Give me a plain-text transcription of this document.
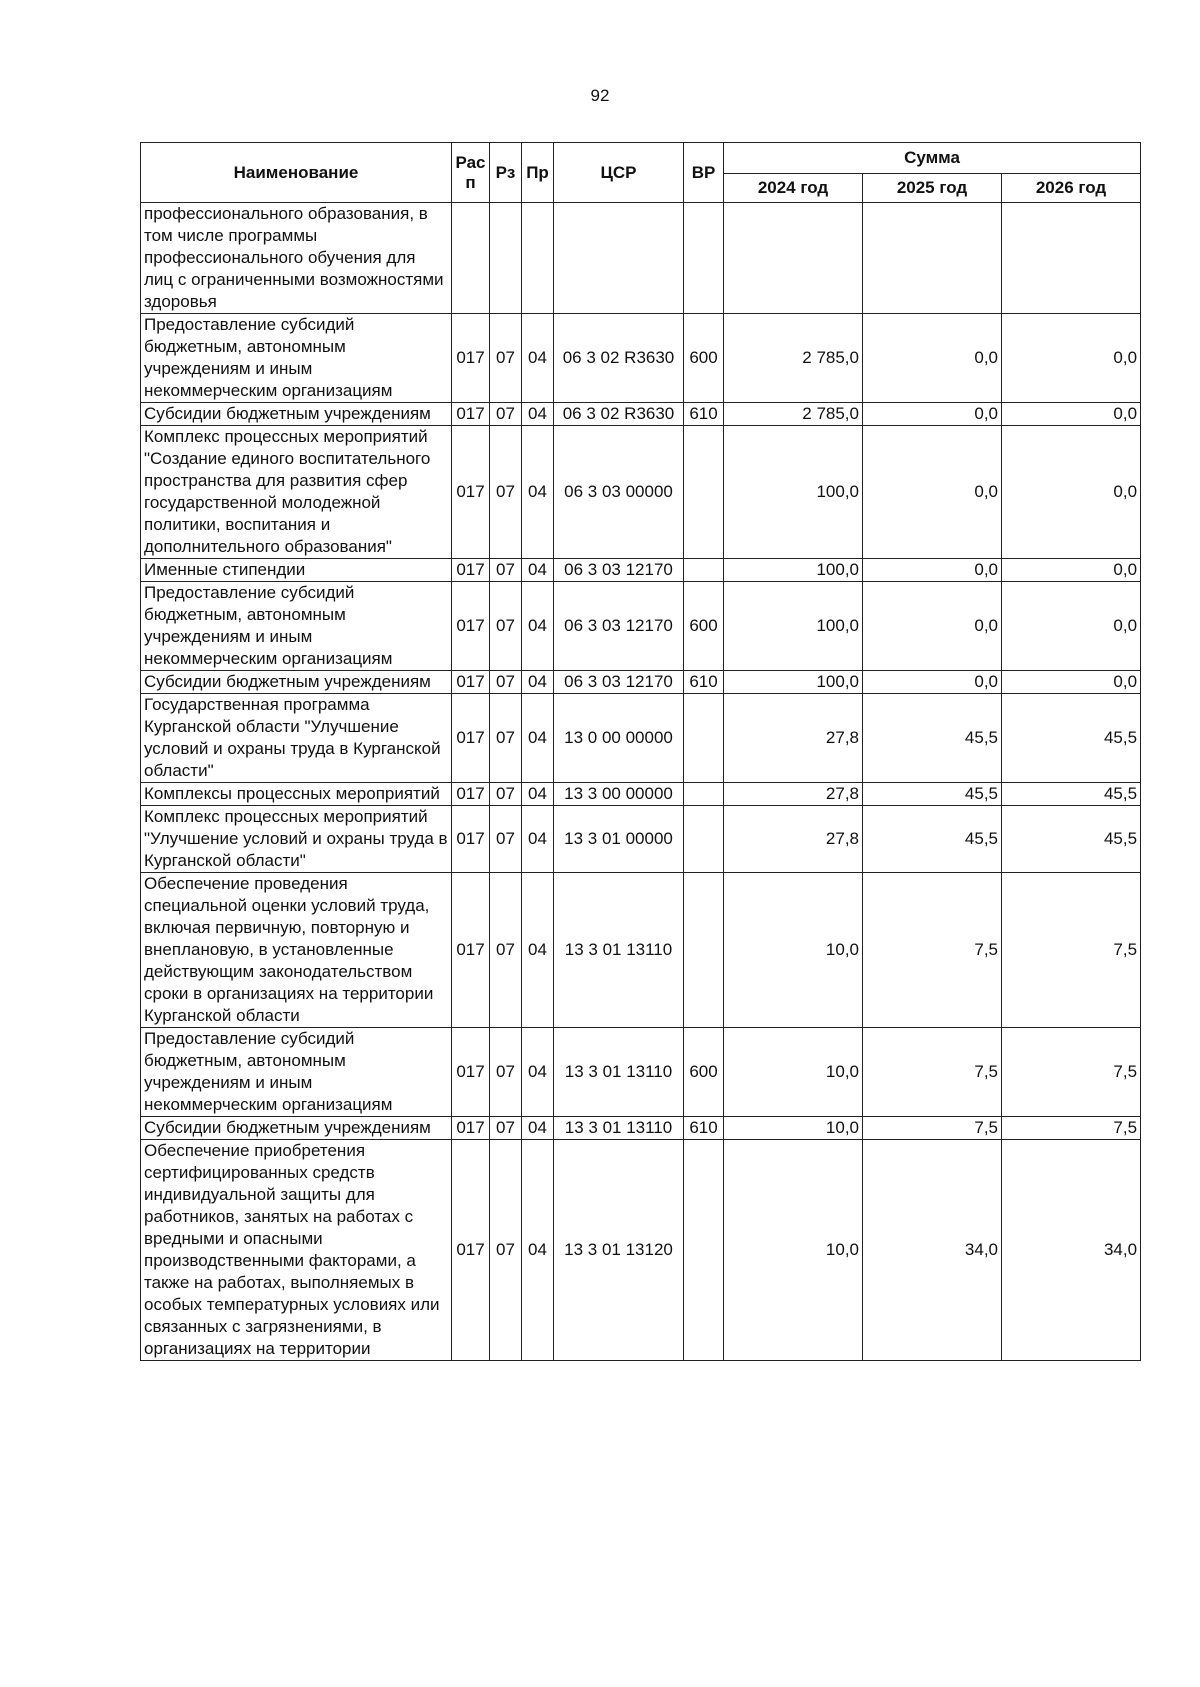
92
Наименование	Рас п	Рз	Пр	ЦСР	ВР	Сумма		
						2024 год	2025 год	2026 год
профессионального образования, в том числе программы профессионального обучения для лиц с ограниченными возможностями здоровья								
Предоставление субсидий бюджетным, автономным учреждениям и иным некоммерческим организациям	017	07	04	06 3 02 R3630	600	2 785,0	0,0	0,0
Субсидии бюджетным учреждениям	017	07	04	06 3 02 R3630	610	2 785,0	0,0	0,0
Комплекс процессных мероприятий "Создание единого воспитательного пространства для развития сфер государственной молодежной политики, воспитания и дополнительного образования"	017	07	04	06 3 03 00000		100,0	0,0	0,0
Именные стипендии	017	07	04	06 3 03 12170		100,0	0,0	0,0
Предоставление субсидий бюджетным, автономным учреждениям и иным некоммерческим организациям	017	07	04	06 3 03 12170	600	100,0	0,0	0,0
Субсидии бюджетным учреждениям	017	07	04	06 3 03 12170	610	100,0	0,0	0,0
Государственная программа Курганской области "Улучшение условий и охраны труда в Курганской области"	017	07	04	13 0 00 00000		27,8	45,5	45,5
Комплексы процессных мероприятий	017	07	04	13 3 00 00000		27,8	45,5	45,5
Комплекс процессных мероприятий "Улучшение условий и охраны труда в Курганской области"	017	07	04	13 3 01 00000		27,8	45,5	45,5
Обеспечение проведения специальной оценки условий труда, включая первичную, повторную и внеплановую, в установленные действующим законодательством сроки в организациях на территории Курганской области	017	07	04	13 3 01 13110		10,0	7,5	7,5
Предоставление субсидий бюджетным, автономным учреждениям и иным некоммерческим организациям	017	07	04	13 3 01 13110	600	10,0	7,5	7,5
Субсидии бюджетным учреждениям	017	07	04	13 3 01 13110	610	10,0	7,5	7,5
Обеспечение приобретения сертифицированных средств индивидуальной защиты для работников, занятых на работах с вредными и опасными производственными факторами, а также на работах, выполняемых в особых температурных условиях или связанных с загрязнениями, в организациях на территории	017	07	04	13 3 01 13120		10,0	34,0	34,0
